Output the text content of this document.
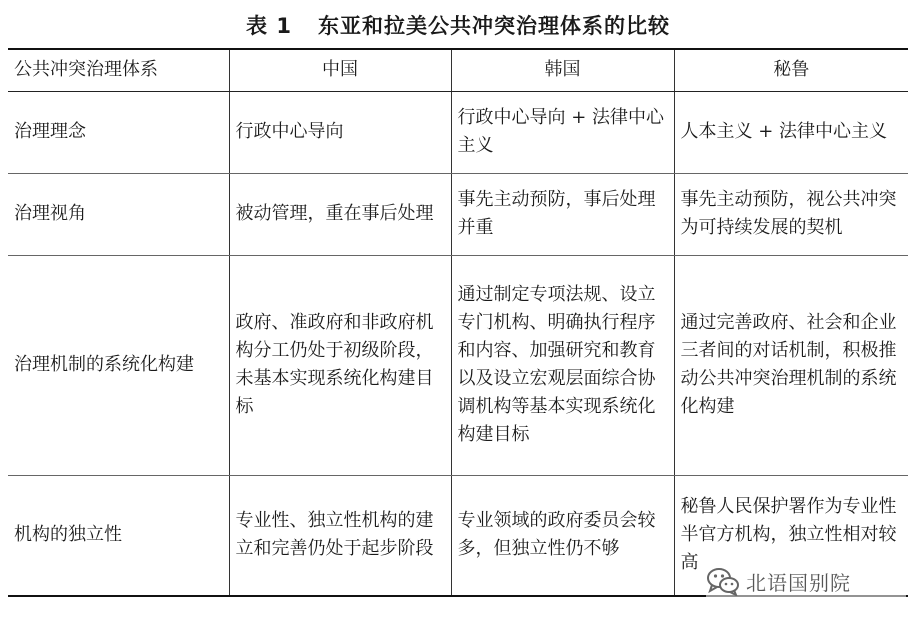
表 1 东亚和拉美公共冲突治理体系的比较
公共冲突治理体系	中国	韩国	秘鲁
治理理念	行政中心导向	行政中心导向 + 法律中心主义	人本主义 + 法律中心主义
治理视角	被动管理，重在事后处理	事先主动预防，事后处理并重	事先主动预防，视公共冲突为可持续发展的契机
治理机制的系统化构建	政府、准政府和非政府机构分工仍处于初级阶段，未基本实现系统化构建目标	通过制定专项法规、设立专门机构、明确执行程序和内容、加强研究和教育以及设立宏观层面综合协调机构等基本实现系统化构建目标	通过完善政府、社会和企业三者间的对话机制，积极推动公共冲突治理机制的系统化构建
机构的独立性	专业性、独立性机构的建立和完善仍处于起步阶段	专业领域的政府委员会较多，但独立性仍不够	秘鲁人民保护署作为专业性半官方机构，独立性相对较高
北语国别院
